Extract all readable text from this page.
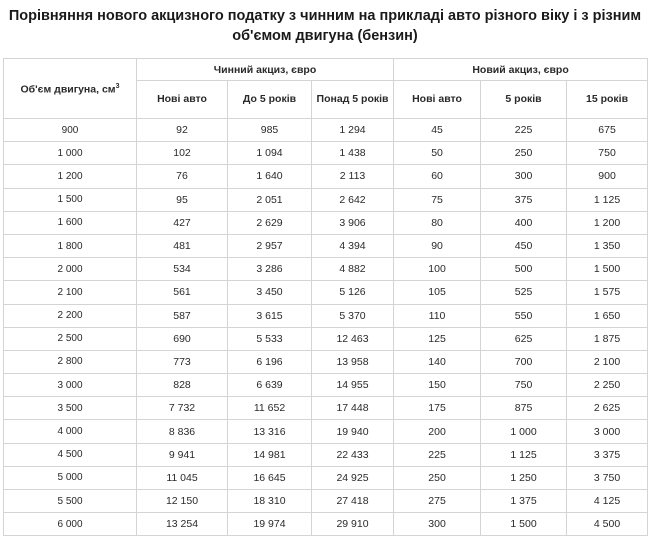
Порівняння нового акцизного податку з чинним на прикладі авто різного віку і з різним
об'ємом двигуна (бензин)
Об'єм двигуна, $см^3$	Чинний акциз, євро			Новий акциз, євро		
	Нові авто	До 5 років	Понад 5 років	Нові авто	5 років	15 років
900	92	985	1 294	45	225	675
1 000	102	1 094	1 438	50	250	750
1 200	76	1 640	2 113	60	300	900
1 500	95	2 051	2 642	75	375	1 125
1 600	427	2 629	3 906	80	400	1 200
1 800	481	2 957	4 394	90	450	1 350
2 000	534	3 286	4 882	100	500	1 500
2 100	561	3 450	5 126	105	525	1 575
2 200	587	3 615	5 370	110	550	1 650
2 500	690	5 533	12 463	125	625	1 875
2 800	773	6 196	13 958	140	700	2 100
3 000	828	6 639	14 955	150	750	2 250
3 500	7 732	11 652	17 448	175	875	2 625
4 000	8 836	13 316	19 940	200	1 000	3 000
4 500	9 941	14 981	22 433	225	1 125	3 375
5 000	11 045	16 645	24 925	250	1 250	3 750
5 500	12 150	18 310	27 418	275	1 375	4 125
6 000	13 254	19 974	29 910	300	1 500	4 500
